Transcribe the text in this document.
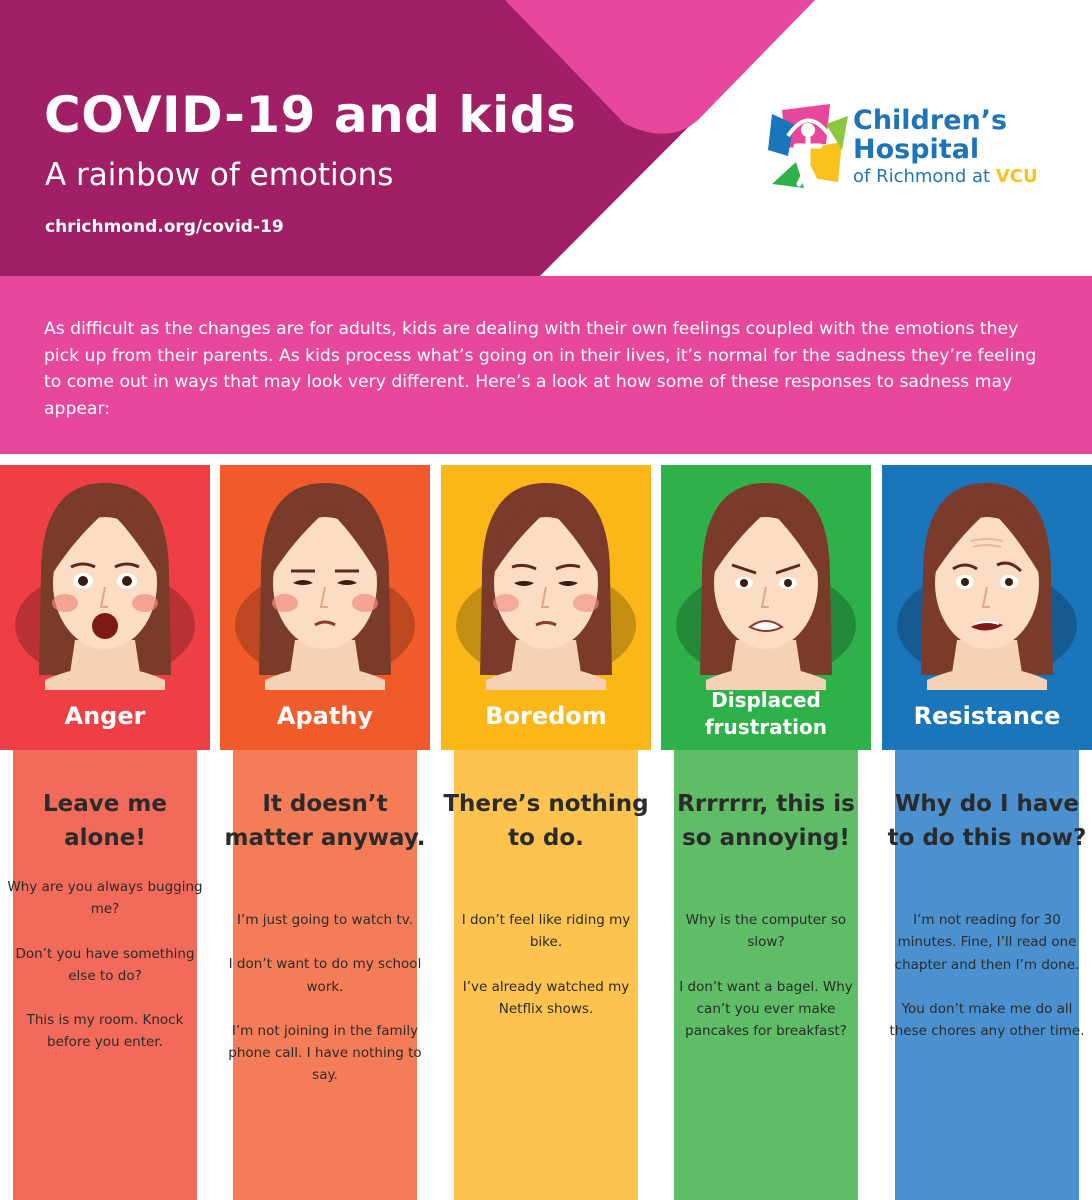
COVID-19 and kids
A rainbow of emotions
chrichmond.org/covid-19
Children’s
Hospital
of Richmond at VCU

As difficult as the changes are for adults, kids are dealing with their own feelings coupled with the emotions they pick up from their parents. As kids process what’s going on in their lives, it’s normal for the sadness they’re feeling to come out in ways that may look very different. Here’s a look at how some of these responses to sadness may appear:

Anger
Leave me alone!

Why are you always bugging me?

Don’t you have something else to do?

This is my room. Knock before you enter.

Apathy
It doesn’t matter anyway.

I’m just going to watch tv.

I don’t want to do my school work.

I’m not joining in the family phone call. I have nothing to say.

Boredom
There’s nothing to do.

I don’t feel like riding my bike.

I’ve already watched my Netflix shows.

Displaced frustration
Rrrrrrr, this is so annoying!

Why is the computer so slow?

I don’t want a bagel. Why can’t you ever make pancakes for breakfast?

Resistance
Why do I have to do this now?

I’m not reading for 30 minutes. Fine, I’ll read one chapter and then I’m done.

You don’t make me do all these chores any other time.
